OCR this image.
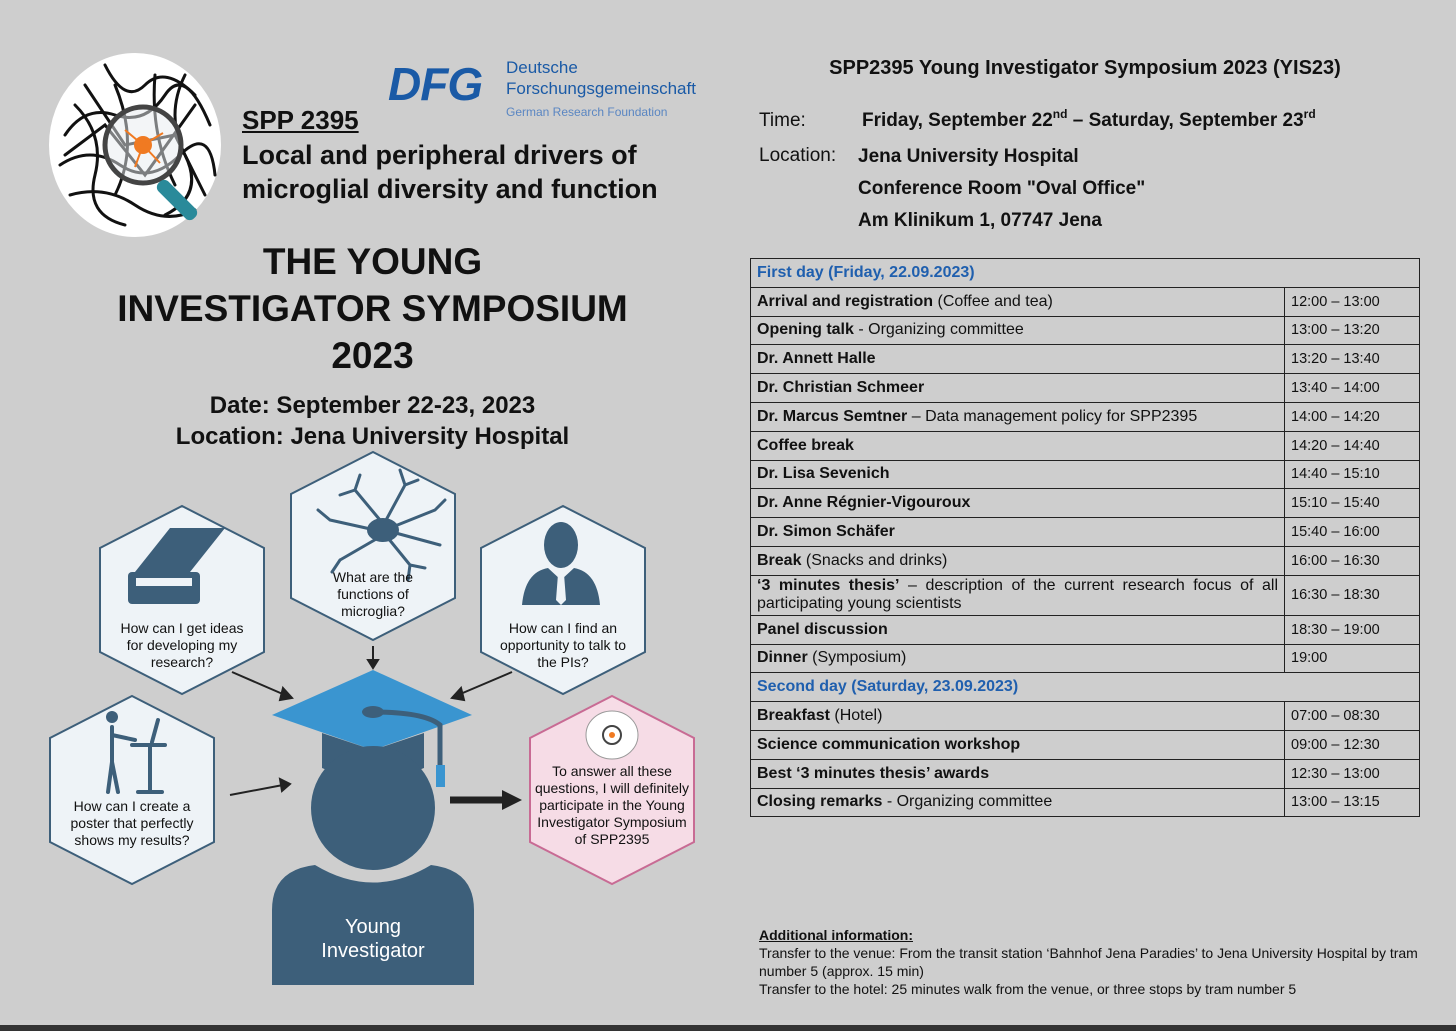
DFG Deutsche
Forschungsgemeinschaft
German Research Foundation
SPP 2395
Local and peripheral drivers of microglial diversity and function
THE YOUNG
INVESTIGATOR SYMPOSIUM
2023
Date: September 22-23, 2023
Location: Jena University Hospital
How can I get ideas for developing my research?
What are the functions of microglia?
How can I find an opportunity to talk to the PIs?
How can I create a poster that perfectly shows my results?
To answer all these questions, I will definitely participate in the Young Investigator Symposium of SPP2395
Young
Investigator
SPP2395 Young Investigator Symposium 2023 (YIS23)
Time:	Friday, September 22nd – Saturday, September 23rd
Location: Jena University Hospital
Conference Room "Oval Office"
Am Klinikum 1, 07747 Jena
First day (Friday, 22.09.2023)	
Arrival and registration (Coffee and tea)	12:00 – 13:00
Opening talk - Organizing committee	13:00 – 13:20
Dr. Annett Halle	13:20 – 13:40
Dr. Christian Schmeer	13:40 – 14:00
Dr. Marcus Semtner – Data management policy for SPP2395	14:00 – 14:20
Coffee break	14:20 – 14:40
Dr. Lisa Sevenich	14:40 – 15:10
Dr. Anne Régnier-Vigouroux	15:10 – 15:40
Dr. Simon Schäfer	15:40 – 16:00
Break (Snacks and drinks)	16:00 – 16:30
‘3 minutes thesis’ – description of the current research focus of all participating young scientists	16:30 – 18:30
Panel discussion	18:30 – 19:00
Dinner (Symposium)	19:00
Second day (Saturday, 23.09.2023)	
Breakfast (Hotel)	07:00 – 08:30
Science communication workshop	09:00 – 12:30
Best ‘3 minutes thesis’ awards	12:30 – 13:00
Closing remarks - Organizing committee	13:00 – 13:15
Additional information:
Transfer to the venue: From the transit station ‘Bahnhof Jena Paradies’ to Jena University Hospital by tram number 5 (approx. 15 min)
Transfer to the hotel: 25 minutes walk from the venue, or three stops by tram number 5
